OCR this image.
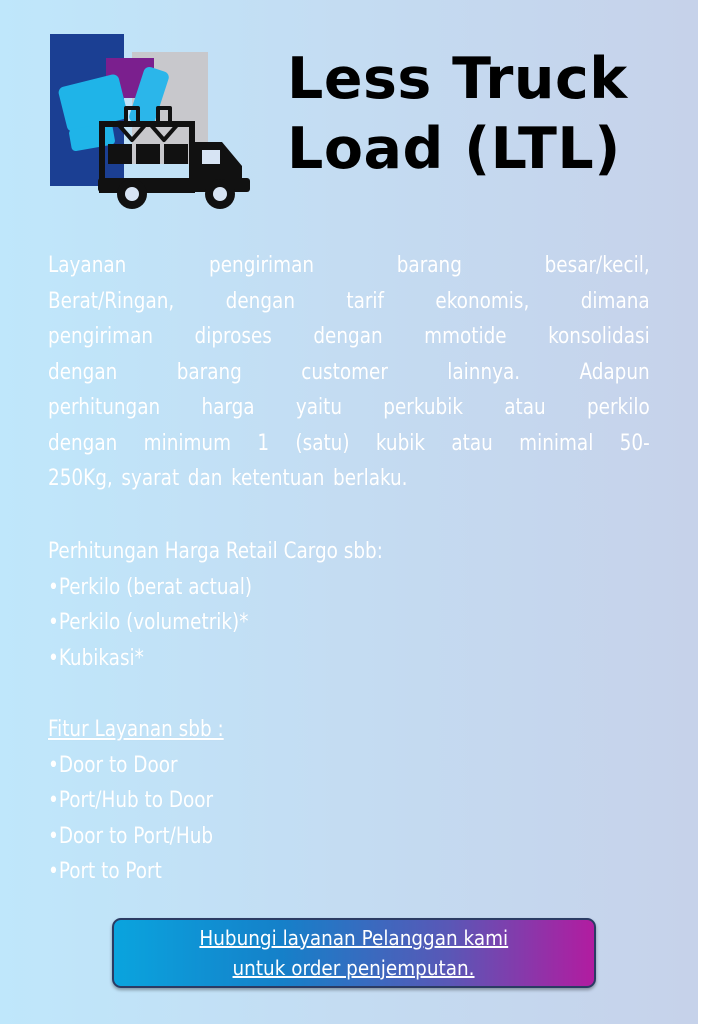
Less Truck
Load (LTL)
Layanan pengiriman barang besar/kecil,
Berat/Ringan, dengan tarif ekonomis, dimana
pengiriman diproses dengan mmotide konsolidasi
dengan barang customer lainnya. Adapun
perhitungan harga yaitu perkubik atau perkilo
dengan minimum 1 (satu) kubik atau minimal 50-
250Kg, syarat dan ketentuan berlaku.
Perhitungan Harga Retail Cargo sbb:
•Perkilo (berat actual)
•Perkilo (volumetrik)*
•Kubikasi*
Fitur Layanan sbb :
•Door to Door
•Port/Hub to Door
•Door to Port/Hub
•Port to Port
Hubungi layanan Pelanggan kami
untuk order penjemputan.
